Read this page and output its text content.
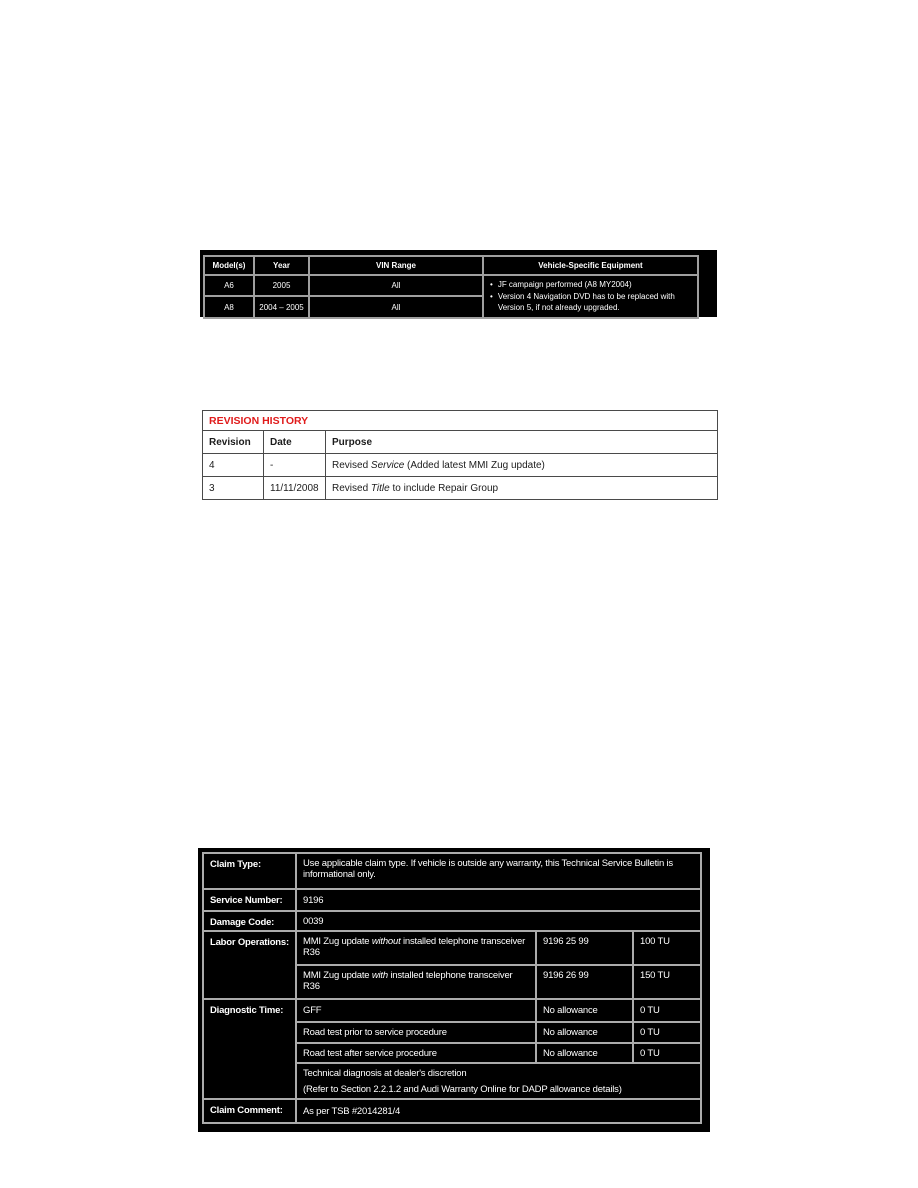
Model(s)	Year	VIN Range	Vehicle-Specific Equipment
A6	2005	All	• JF campaign performed (A8 MY2004)
• Version 4 Navigation DVD has to be replaced with Version 5, if not already upgraded.

A8	2004 – 2005	All	
REVISION HISTORY		
Revision	Date	Purpose
4	-	Revised Service (Added latest MMI Zug update)
3	11/11/2008	Revised Title to include Repair Group
Claim Type:	Use applicable claim type. If vehicle is outside any warranty, this Technical Service Bulletin is informational only.		
Service Number:	9196		
Damage Code:	0039		
Labor Operations:	MMI Zug update without installed telephone transceiver R36	9196 25 99	100 TU
	MMI Zug update with installed telephone transceiver R36	9196 26 99	150 TU
Diagnostic Time:	GFF	No allowance	0 TU
	Road test prior to service procedure	No allowance	0 TU
	Road test after service procedure	No allowance	0 TU

	Technical diagnosis at dealer's discretion
(Refer to Section 2.2.1.2 and Audi Warranty Online for DADP allowance details)		

Claim Comment:	As per TSB #2014281/4		
